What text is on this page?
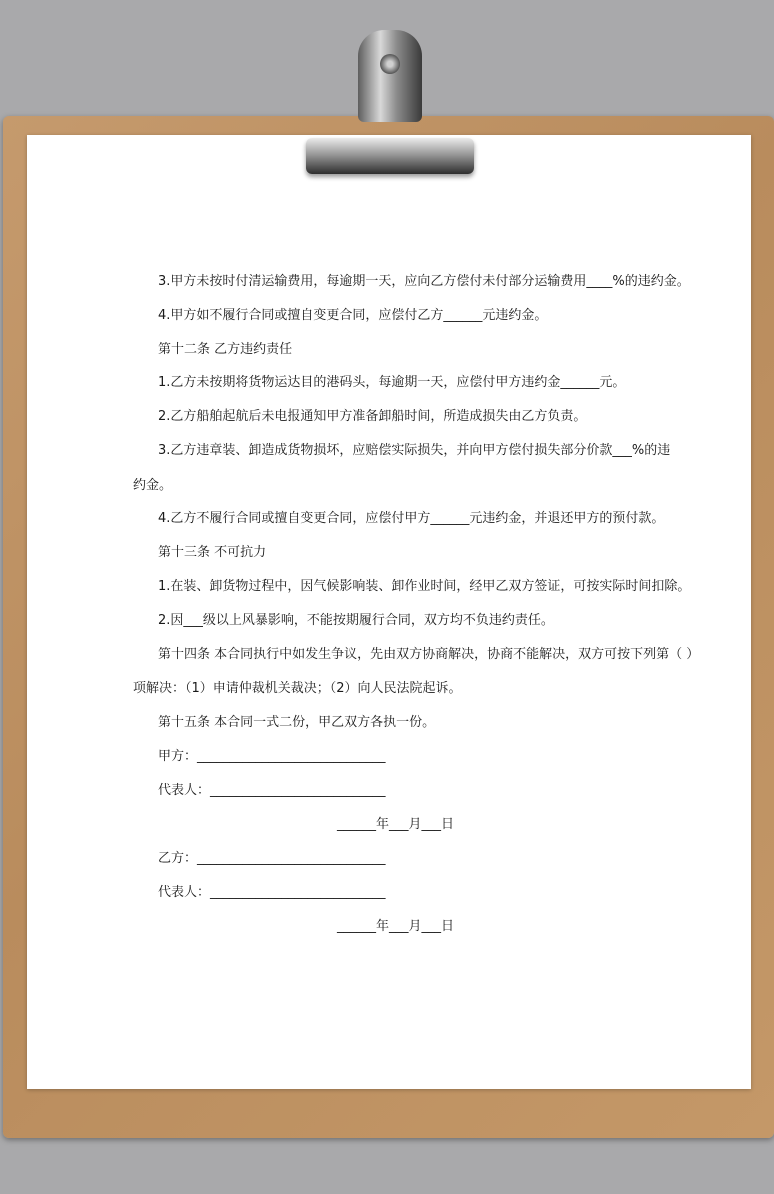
3.甲方未按时付清运输费用，每逾期一天，应向乙方偿付未付部分运输费用____%的违约金。
4.甲方如不履行合同或擅自变更合同，应偿付乙方______元违约金。
第十二条 乙方违约责任
1.乙方未按期将货物运达目的港码头，每逾期一天，应偿付甲方违约金______元。
2.乙方船舶起航后未电报通知甲方准备卸船时间，所造成损失由乙方负责。
3.乙方违章装、卸造成货物损坏，应赔偿实际损失，并向甲方偿付损失部分价款___%的违
约金。
4.乙方不履行合同或擅自变更合同，应偿付甲方______元违约金，并退还甲方的预付款。
第十三条 不可抗力
1.在装、卸货物过程中，因气候影响装、卸作业时间，经甲乙双方签证，可按实际时间扣除。
2.因___级以上风暴影响，不能按期履行合同，双方均不负违约责任。
第十四条 本合同执行中如发生争议，先由双方协商解决，协商不能解决，双方可按下列第（ ）
项解决：（1）申请仲裁机关裁决；（2）向人民法院起诉。
第十五条 本合同一式二份，甲乙双方各执一份。
甲方：_____________________________
代表人：___________________________
______年___月___日
乙方：_____________________________
代表人：___________________________
______年___月___日
